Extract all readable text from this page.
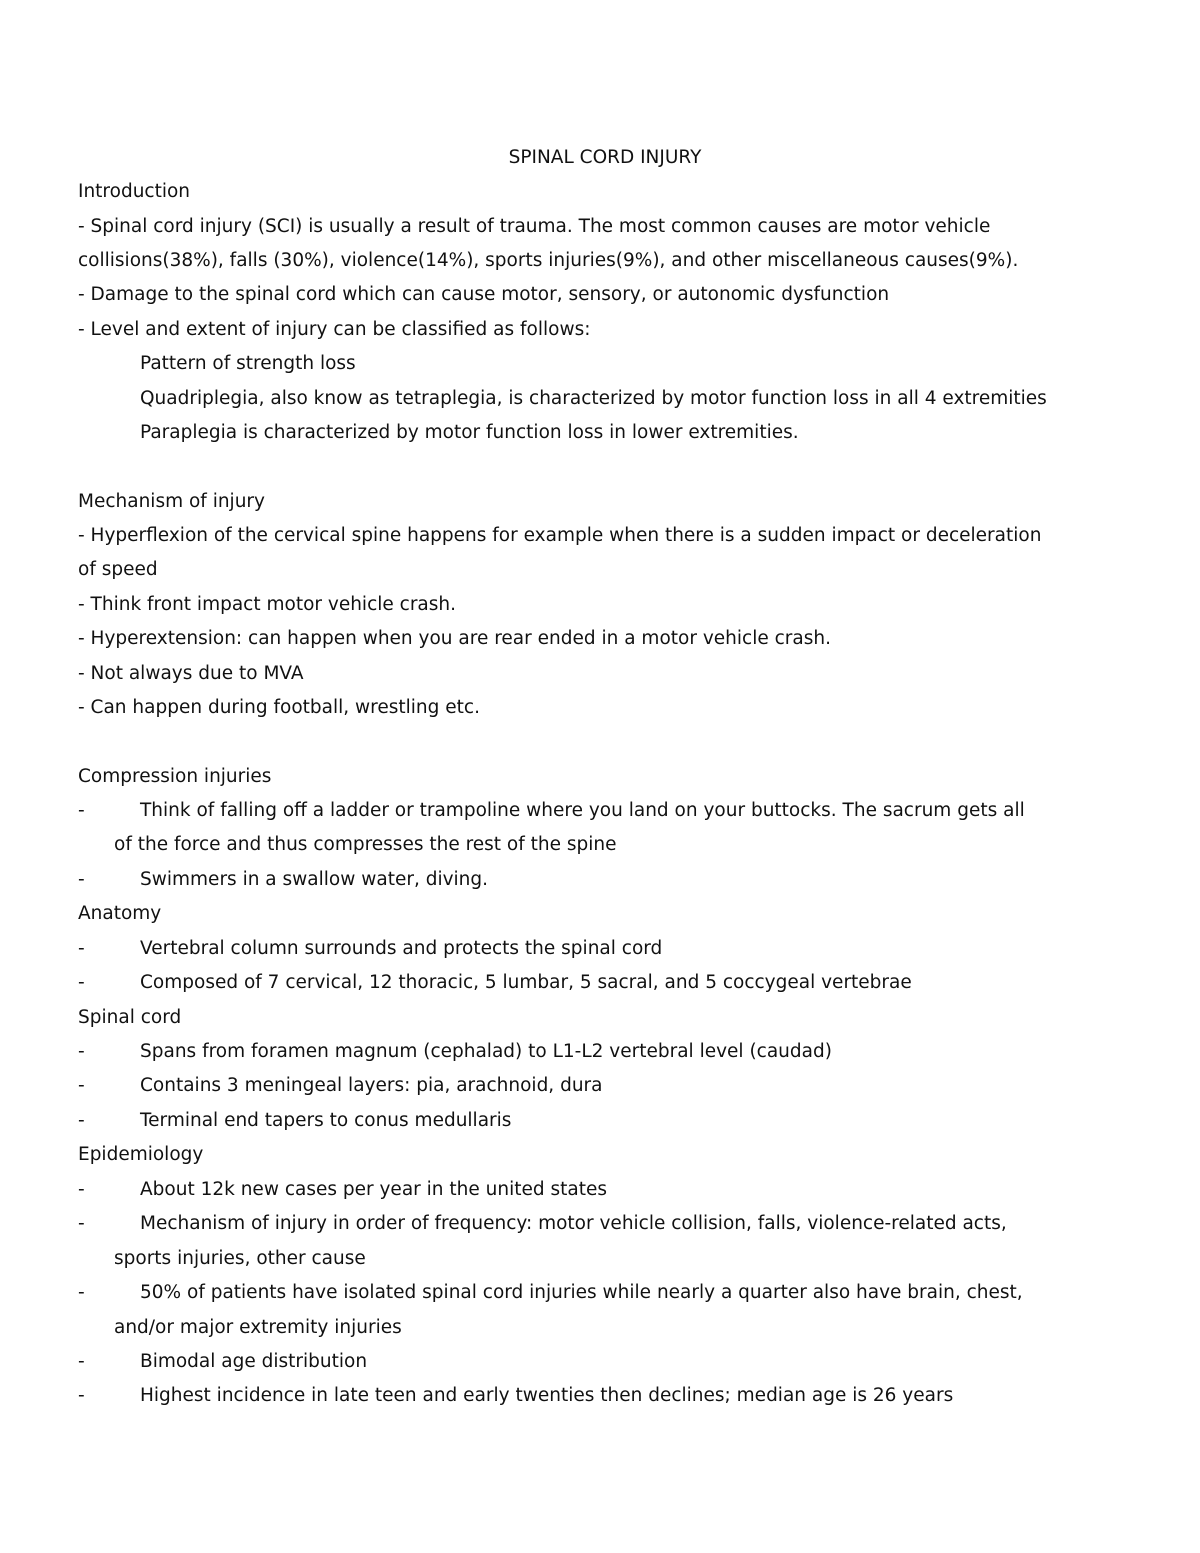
SPINAL CORD INJURY
Introduction
- Spinal cord injury (SCI) is usually a result of trauma. The most common causes are motor vehicle
collisions(38%), falls (30%), violence(14%), sports injuries(9%), and other miscellaneous causes(9%).
- Damage to the spinal cord which can cause motor, sensory, or autonomic dysfunction
- Level and extent of injury can be classified as follows:
Pattern of strength loss
Quadriplegia, also know as tetraplegia, is characterized by motor function loss in all 4 extremities
Paraplegia is characterized by motor function loss in lower extremities.
Mechanism of injury
- Hyperflexion of the cervical spine happens for example when there is a sudden impact or deceleration
of speed
- Think front impact motor vehicle crash.
- Hyperextension: can happen when you are rear ended in a motor vehicle crash.
- Not always due to MVA
- Can happen during football, wrestling etc.
Compression injuries
-	Think of falling off a ladder or trampoline where you land on your buttocks. The sacrum gets all
of the force and thus compresses the rest of the spine
-	Swimmers in a swallow water, diving.
Anatomy
-	Vertebral column surrounds and protects the spinal cord
-	Composed of 7 cervical, 12 thoracic, 5 lumbar, 5 sacral, and 5 coccygeal vertebrae
Spinal cord
-	Spans from foramen magnum (cephalad) to L1-L2 vertebral level (caudad)
-	Contains 3 meningeal layers: pia, arachnoid, dura
-	Terminal end tapers to conus medullaris
Epidemiology
-	About 12k new cases per year in the united states
-	Mechanism of injury in order of frequency: motor vehicle collision, falls, violence-related acts,
sports injuries, other cause
-	50% of patients have isolated spinal cord injuries while nearly a quarter also have brain, chest,
and/or major extremity injuries
-	Bimodal age distribution
-	Highest incidence in late teen and early twenties then declines; median age is 26 years
